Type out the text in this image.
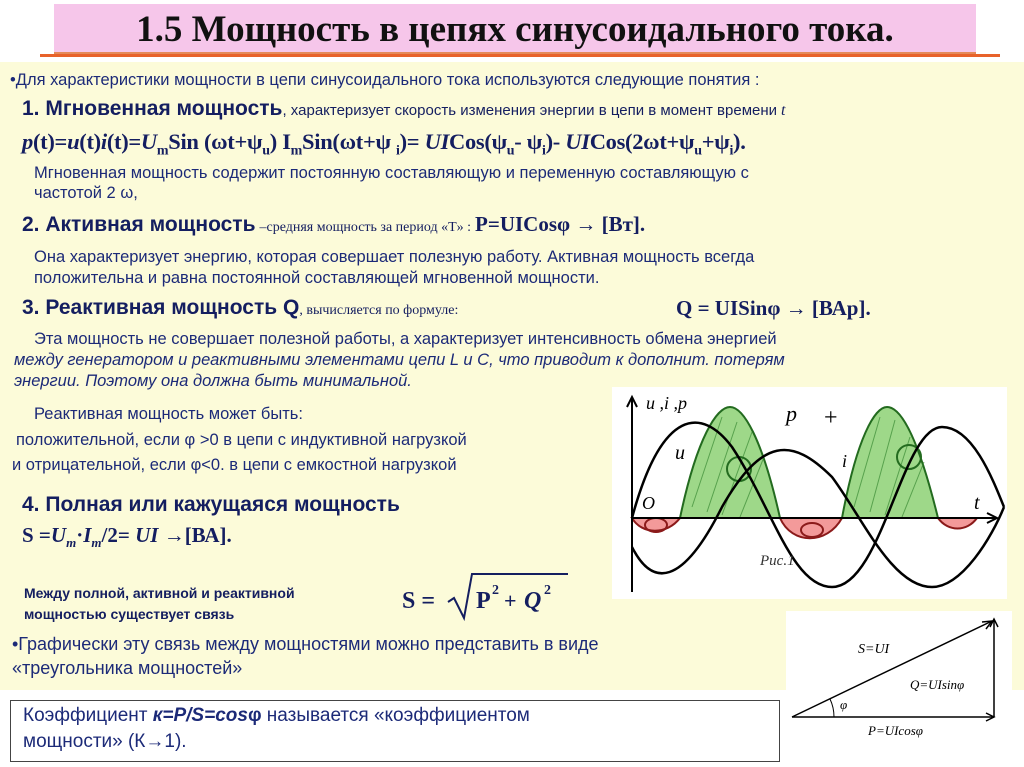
1.5 Мощность в цепях синусоидального тока.
•Для характеристики мощности в цепи синусоидального тока используются следующие понятия :
1. Мгновенная мощность, характеризует скорость изменения энергии в цепи в момент времени t
$p(t)=u(t)i(t)=U_mSin$ $(\omega t+\psi_u)$ $I_mSin(\omega t+\psi$ $_i)= UICos(\psi_u-$ $\psi_i)-$ $UICos(2\omega t+\psi_u+\psi_i)$.
Мгновенная мощность содержит постоянную составляющую и переменную составляющую с
частотой 2 ω,
2. Активная мощность –средняя мощность за период «T» : P=UICosφ → [Вт].
Она характеризует энергию, которая совершает полезную работу. Активная мощность всегда
положительна и равна постоянной составляющей мгновенной мощности.
3. Реактивная мощность Q, вычисляется по формуле:	Q = UISinφ → [ВАр].
Эта мощность не совершает полезной работы, а характеризует интенсивность обмена энергией
между генератором и реактивными элементами цепи L и C, что приводит к дополнит. потерям
энергии. Поэтому она должна быть минимальной.
Реактивная мощность может быть:
положительной, если φ >0 в цепи с индуктивной нагрузкой
и отрицательной, если φ<0. в цепи с емкостной нагрузкой
4. Полная или кажущаяся мощность
$S =U_m\cdot I_m/2=$ UI →[ВА].
Между полной, активной и реактивной
мощностью существует связь	S = P 2 + Q 2
•Графически эту связь между мощностями можно представить в виде
«треугольника мощностей»
Коэффициент к=P/S=cosφ называется «коэффициентом
мощности» (К→1).
u ,i ,p
t
p +
u	i
O
Рис.1
φ
S=UI
Q=UIsinφ
P=UIcosφ
